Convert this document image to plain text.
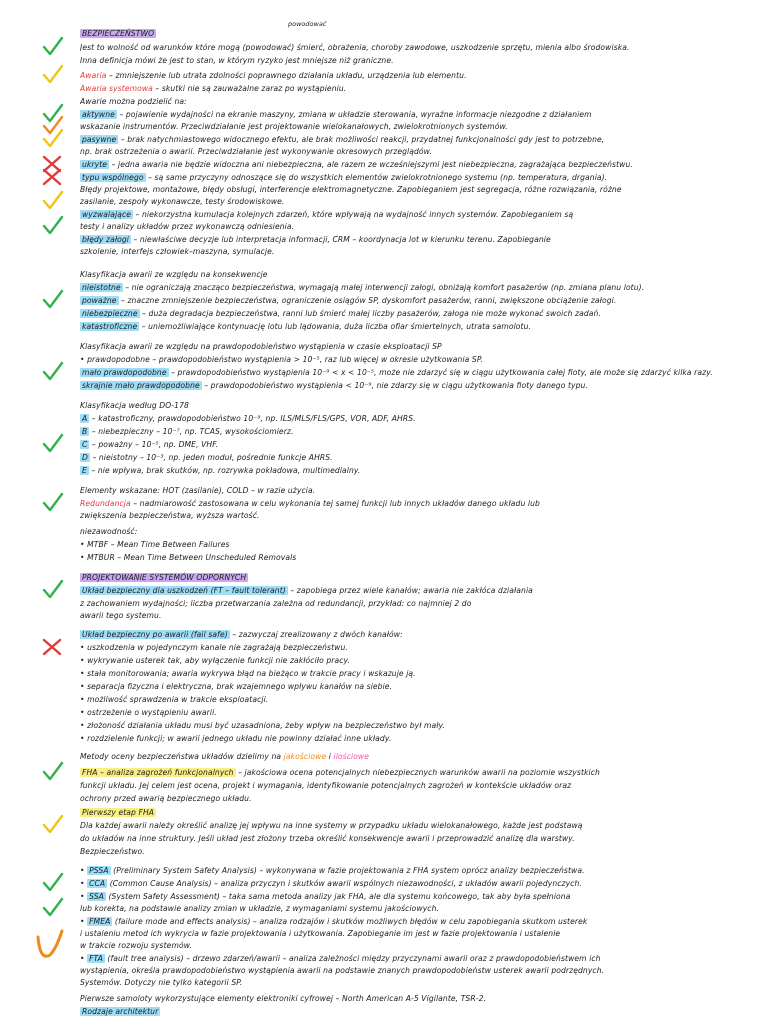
powodować
BEZPIECZEŃSTWO
Jest to wolność od warunków które mogą (powodować) śmierć, obrażenia, choroby zawodowe, uszkodzenie sprzętu, mienia albo środowiska.
Inna definicja mówi że jest to stan, w którym ryzyko jest mniejsze niż graniczne.
Awaria – zmniejszenie lub utrata zdolności poprawnego działania układu, urządzenia lub elementu.
Awaria systemowa – skutki nie są zauważalne zaraz po wystąpieniu.
Awarie można podzielić na:
aktywne – pojawienie wydajności na ekranie maszyny, zmiana w układzie sterowania, wyraźne informacje niezgodne z działaniem
wskazanie instrumentów. Przeciwdziałanie jest projektowanie wielokanałowych, zwielokrotnionych systemów.
pasywne – brak natychmiastowego widocznego efektu, ale brak możliwości reakcji, przydatnej funkcjonalności gdy jest to potrzebne,
np. brak ostrzeżenia o awarii. Przeciwdziałanie jest wykonywanie okresowych przeglądów.
ukryte – jedna awaria nie będzie widoczna ani niebezpieczna, ale razem ze wcześniejszymi jest niebezpieczna, zagrażająca bezpieczeństwu.
typu wspólnego – są same przyczyny odnoszące się do wszystkich elementów zwielokrotnionego systemu (np. temperatura, drgania).
Błędy projektowe, montażowe, błędy obsługi, interferencje elektromagnetyczne. Zapobieganiem jest segregacja, różne rozwiązania, różne
zasilanie, zespoły wykonawcze, testy środowiskowe.
wyzwalające – niekorzystna kumulacja kolejnych zdarzeń, które wpływają na wydajność innych systemów. Zapobieganiem są
testy i analizy układów przez wykonawczą odniesienia.
błędy załogi – niewłaściwe decyzje lub interpretacja informacji, CRM – koordynacja lot w kierunku terenu. Zapobieganie
szkolenie, interfejs człowiek–maszyna, symulacje.
Klasyfikacja awarii ze względu na konsekwencje
nieistotne – nie ograniczają znacząco bezpieczeństwa, wymagają małej interwencji załogi, obniżają komfort pasażerów (np. zmiana planu lotu).
poważne – znaczne zmniejszenie bezpieczeństwa, ograniczenie osiągów SP, dyskomfort pasażerów, ranni, zwiększone obciążenie załogi.
niebezpieczne – duża degradacja bezpieczeństwa, ranni lub śmierć małej liczby pasażerów, załoga nie może wykonać swoich zadań.
katastroficzne – uniemożliwiające kontynuację lotu lub lądowania, duża liczba ofiar śmiertelnych, utrata samolotu.
Klasyfikacja awarii ze względu na prawdopodobieństwo wystąpienia w czasie eksploatacji SP
• prawdopodobne – prawdopodobieństwo wystąpienia > 10⁻⁵, raz lub więcej w okresie użytkowania SP.
mało prawdopodobne – prawdopodobieństwo wystąpienia 10⁻⁹ < x < 10⁻⁵, może nie zdarzyć się w ciągu użytkowania całej floty, ale może się zdarzyć kilka razy.
skrajnie mało prawdopodobne – prawdopodobieństwo wystąpienia < 10⁻⁹, nie zdarzy się w ciągu użytkowania floty danego typu.
Klasyfikacja według DO-178
A – katastroficzny, prawdopodobieństwo 10⁻⁹, np. ILS/MLS/FLS/GPS, VOR, ADF, AHRS.
B – niebezpieczny – 10⁻⁷, np. TCAS, wysokościomierz.
C – poważny – 10⁻⁵, np. DME, VHF.
D – nieistotny – 10⁻³, np. jeden moduł, pośrednie funkcje AHRS.
E – nie wpływa, brak skutków, np. rozrywka pokładowa, multimedialny.
Elementy wskazane: HOT (zasilanie), COLD – w razie użycia.
Redundancja – nadmiarowość zastosowana w celu wykonania tej samej funkcji lub innych układów danego układu lub
zwiększenia bezpieczeństwa, wyższa wartość.
niezawodność:
• MTBF – Mean Time Between Failures
• MTBUR – Mean Time Between Unscheduled Removals
PROJEKTOWANIE SYSTEMÓW ODPORNYCH
Układ bezpieczny dla uszkodzeń (FT – fault tolerant) – zapobiega przez wiele kanałów; awaria nie zakłóca działania
z zachowaniem wydajności; liczba przetwarzania zależna od redundancji, przykład: co najmniej 2 do
awarii tego systemu.
Układ bezpieczny po awarii (fail safe) – zazwyczaj zrealizowany z dwóch kanałów:
• uszkodzenia w pojedynczym kanale nie zagrażają bezpieczeństwu.
• wykrywanie usterek tak, aby wyłączenie funkcji nie zakłóciło pracy.
• stała monitorowania; awaria wykrywa błąd na bieżąco w trakcie pracy i wskazuje ją.
• separacja fizyczna i elektryczna, brak wzajemnego wpływu kanałów na siebie.
• możliwość sprawdzenia w trakcie eksploatacji.
• ostrzeżenie o wystąpieniu awarii.
• złożoność działania układu musi być uzasadniona, żeby wpływ na bezpieczeństwo był mały.
• rozdzielenie funkcji; w awarii jednego układu nie powinny działać inne układy.
Metody oceny bezpieczeństwa układów dzielimy na jakościowe i ilościowe
FHA – analiza zagrożeń funkcjonalnych – jakościowa ocena potencjalnych niebezpiecznych warunków awarii na poziomie wszystkich
funkcji układu. Jej celem jest ocena, projekt i wymagania, identyfikowanie potencjalnych zagrożeń w kontekście układów oraz
ochrony przed awarią bezpiecznego układu.
Pierwszy etap FHA
Dla każdej awarii należy określić analizę jej wpływu na inne systemy w przypadku układu wielokanałowego, każde jest podstawą
do układów na inne struktury. Jeśli układ jest złożony trzeba określić konsekwencje awarii i przeprowadzić analizę dla warstwy.
Bezpieczeństwo.
• PSSA (Preliminary System Safety Analysis) – wykonywana w fazie projektowania z FHA system oprócz analizy bezpieczeństwa.
• CCA (Common Cause Analysis) – analiza przyczyn i skutków awarii wspólnych niezawodności, z układów awarii pojedynczych.
• SSA (System Safety Assessment) – taka sama metoda analizy jak FHA, ale dla systemu końcowego, tak aby była spełniona
lub korekta, na podstawie analizy zmian w układzie, z wymaganiami systemu jakościowych.
• FMEA (failure mode and effects analysis) – analiza rodzajów i skutków możliwych błędów w celu zapobiegania skutkom usterek
i ustaleniu metod ich wykrycia w fazie projektowania i użytkowania. Zapobieganie im jest w fazie projektowania i ustalenie
w trakcie rozwoju systemów.
• FTA (fault tree analysis) – drzewo zdarzeń/awarii – analiza zależności między przyczynami awarii oraz z prawdopodobieństwem ich
wystąpienia, określa prawdopodobieństwo wystąpienia awarii na podstawie znanych prawdopodobieństw usterek awarii podrzędnych.
Systemów. Dotyczy nie tylko kategorii SP.
Pierwsze samoloty wykorzystujące elementy elektroniki cyfrowej – North American A-5 Vigilante, TSR-2.
Rodzaje architektur
